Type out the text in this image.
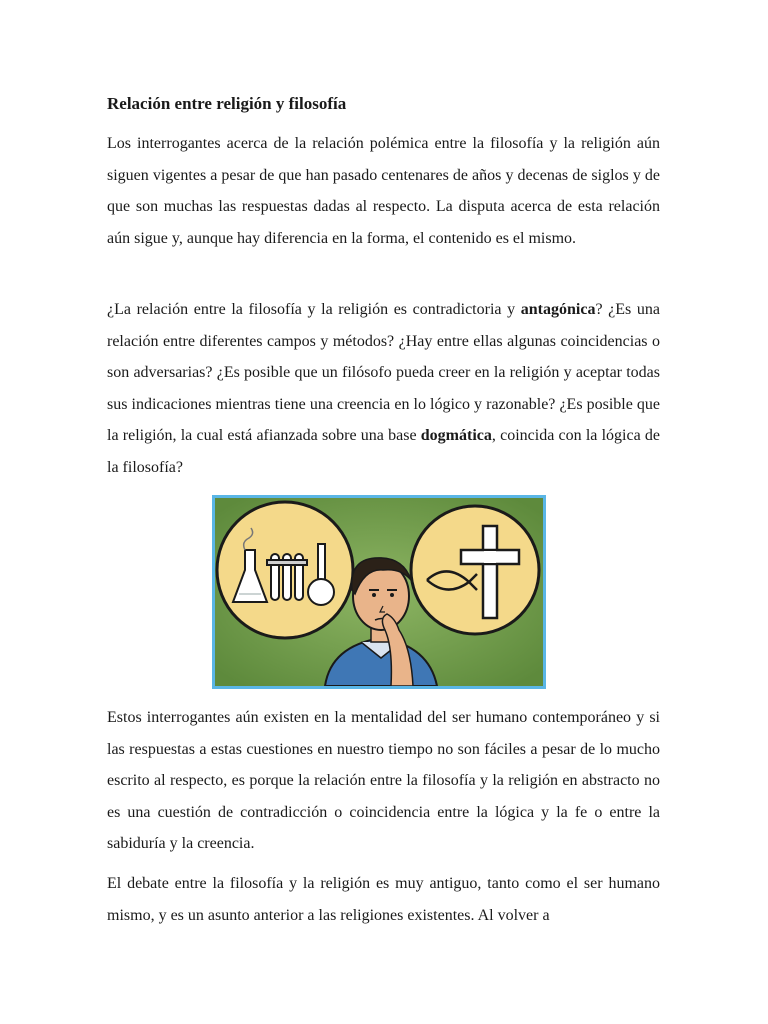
Relación entre religión y filosofía

Los interrogantes acerca de la relación polémica entre la filosofía y la religión aún siguen vigentes a pesar de que han pasado centenares de años y decenas de siglos y de que son muchas las respuestas dadas al respecto. La disputa acerca de esta relación aún sigue y, aunque hay diferencia en la forma, el contenido es el mismo.

¿La relación entre la filosofía y la religión es contradictoria y antagónica? ¿Es una relación entre diferentes campos y métodos? ¿Hay entre ellas algunas coincidencias o son adversarias? ¿Es posible que un filósofo pueda creer en la religión y aceptar todas sus indicaciones mientras tiene una creencia en lo lógico y razonable? ¿Es posible que la religión, la cual está afianzada sobre una base dogmática, coincida con la lógica de la filosofía?

Estos interrogantes aún existen en la mentalidad del ser humano contemporáneo y si las respuestas a estas cuestiones en nuestro tiempo no son fáciles a pesar de lo mucho escrito al respecto, es porque la relación entre la filosofía y la religión en abstracto no es una cuestión de contradicción o coincidencia entre la lógica y la fe o entre la sabiduría y la creencia.

El debate entre la filosofía y la religión es muy antiguo, tanto como el ser humano mismo, y es un asunto anterior a las religiones existentes. Al volver a
